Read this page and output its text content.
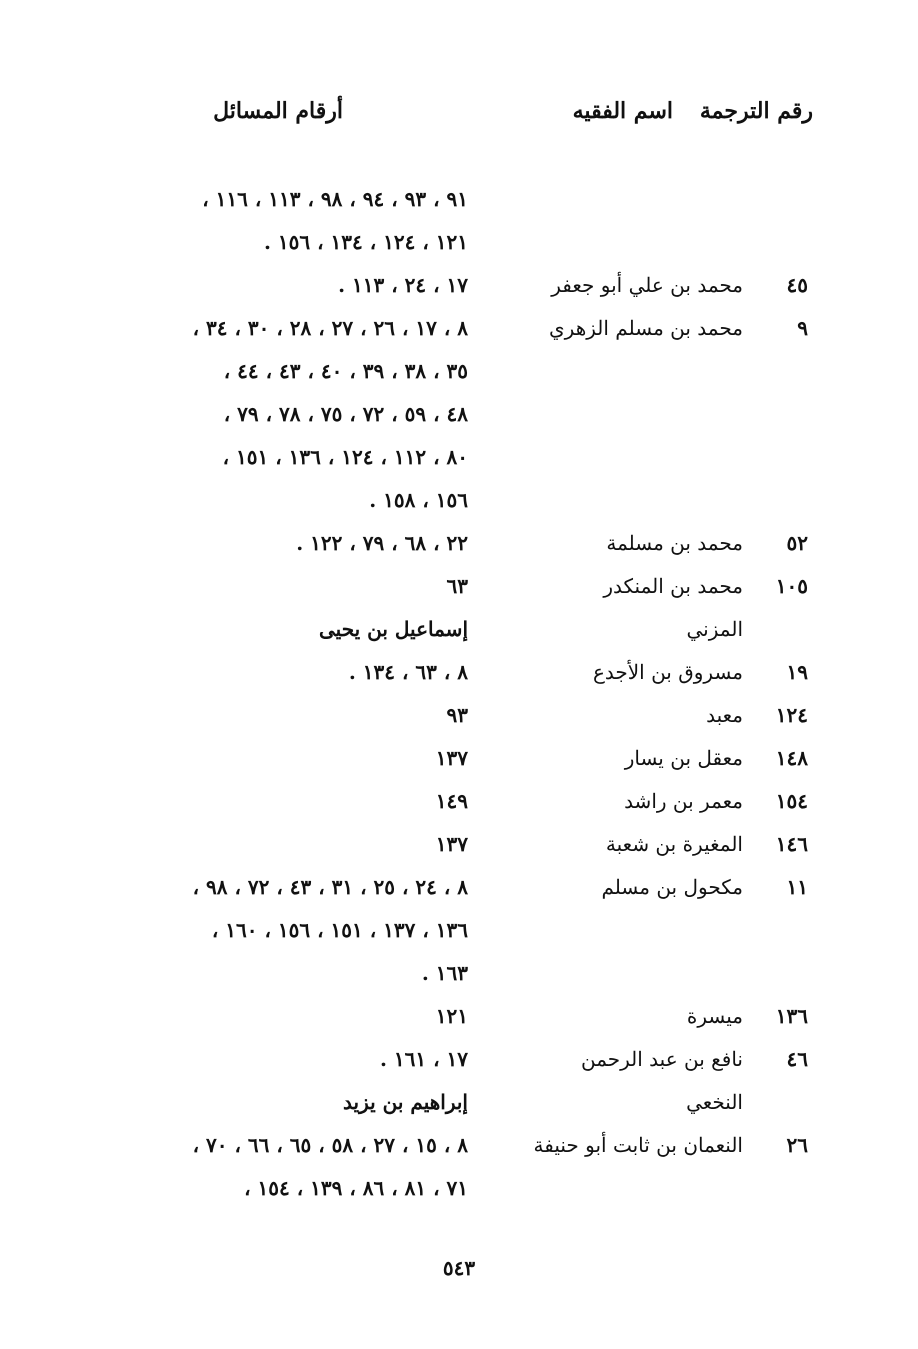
رقم الترجمة
اسم الفقيه
أرقام المسائل
٩١ ، ٩٣ ، ٩٤ ، ٩٨ ، ١١٣ ، ١١٦ ،
١٢١ ، ١٢٤ ، ١٣٤ ، ١٥٦ .
٤٥
محمد بن علي أبو جعفر
١٧ ، ٢٤ ، ١١٣ .
٩
محمد بن مسلم الزهري
٨ ، ١٧ ، ٢٦ ، ٢٧ ، ٢٨ ، ٣٠ ، ٣٤ ،
٣٥ ، ٣٨ ، ٣٩ ، ٤٠ ، ٤٣ ، ٤٤ ،
٤٨ ، ٥٩ ، ٧٢ ، ٧٥ ، ٧٨ ، ٧٩ ،
٨٠ ، ١١٢ ، ١٢٤ ، ١٣٦ ، ١٥١ ،
١٥٦ ، ١٥٨ .
٥٢
محمد بن مسلمة
٢٢ ، ٦٨ ، ٧٩ ، ١٢٢ .
١٠٥
محمد بن المنكدر
٦٣
المزني
إسماعيل بن يحيى
١٩
مسروق بن الأجدع
٨ ، ٦٣ ، ١٣٤ .
١٢٤
معبد
٩٣
١٤٨
معقل بن يسار
١٣٧
١٥٤
معمر بن راشد
١٤٩
١٤٦
المغيرة بن شعبة
١٣٧
١١
مكحول بن مسلم
٨ ، ٢٤ ، ٢٥ ، ٣١ ، ٤٣ ، ٧٢ ، ٩٨ ،
١٣٦ ، ١٣٧ ، ١٥١ ، ١٥٦ ، ١٦٠ ،
١٦٣ .
١٣٦
ميسرة
١٢١
٤٦
نافع بن عبد الرحمن
١٧ ، ١٦١ .
النخعي
إبراهيم بن يزيد
٢٦
النعمان بن ثابت أبو حنيفة
٨ ، ١٥ ، ٢٧ ، ٥٨ ، ٦٥ ، ٦٦ ، ٧٠ ،
٧١ ، ٨١ ، ٨٦ ، ١٣٩ ، ١٥٤ ،
٥٤٣
